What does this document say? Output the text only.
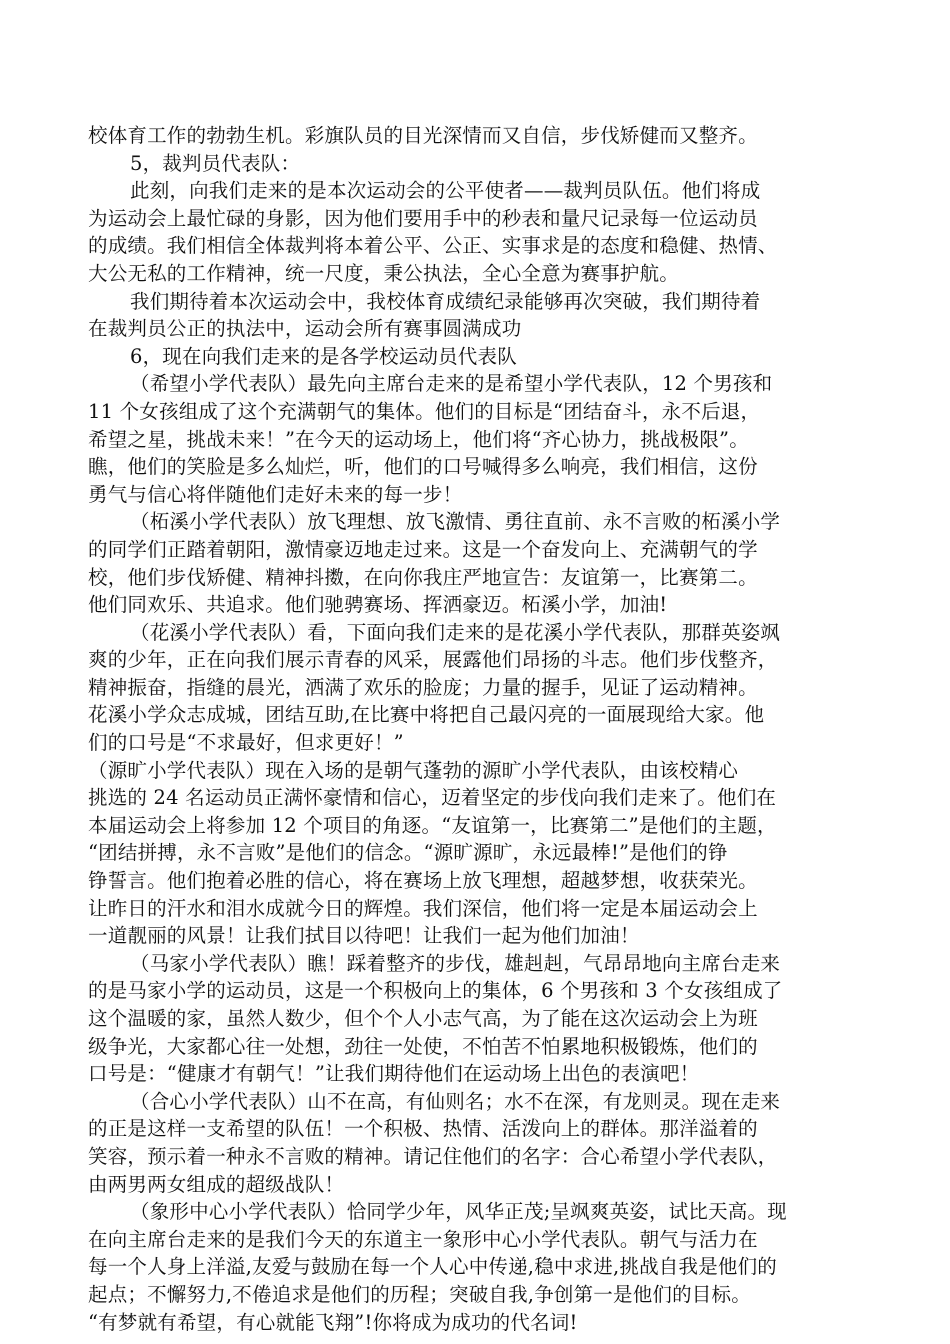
校体育工作的勃勃生机。彩旗队员的目光深情而又自信，步伐矫健而又整齐。
5，裁判员代表队：
此刻，向我们走来的是本次运动会的公平使者——裁判员队伍。他们将成
为运动会上最忙碌的身影，因为他们要用手中的秒表和量尺记录每一位运动员
的成绩。我们相信全体裁判将本着公平、公正、实事求是的态度和稳健、热情、
大公无私的工作精神，统一尺度，秉公执法，全心全意为赛事护航。
我们期待着本次运动会中，我校体育成绩纪录能够再次突破，我们期待着
在裁判员公正的执法中，运动会所有赛事圆满成功
6，现在向我们走来的是各学校运动员代表队
（希望小学代表队）最先向主席台走来的是希望小学代表队，12 个男孩和
11 个女孩组成了这个充满朝气的集体。他们的目标是“团结奋斗，永不后退，
希望之星，挑战未来！”在今天的运动场上，他们将“齐心协力，挑战极限”。
瞧，他们的笑脸是多么灿烂，听，他们的口号喊得多么响亮，我们相信，这份
勇气与信心将伴随他们走好未来的每一步！
（柘溪小学代表队）放飞理想、放飞激情、勇往直前、永不言败的柘溪小学
的同学们正踏着朝阳，激情豪迈地走过来。这是一个奋发向上、充满朝气的学
校，他们步伐矫健、精神抖擞，在向你我庄严地宣告：友谊第一，比赛第二。
他们同欢乐、共追求。他们驰骋赛场、挥洒豪迈。柘溪小学，加油!
（花溪小学代表队）看，下面向我们走来的是花溪小学代表队，那群英姿飒
爽的少年，正在向我们展示青春的风采，展露他们昂扬的斗志。他们步伐整齐，
精神振奋，指缝的晨光，洒满了欢乐的脸庞；力量的握手，见证了运动精神。
花溪小学众志成城，团结互助,在比赛中将把自己最闪亮的一面展现给大家。他
们的口号是“不求最好，但求更好！”
（源旷小学代表队）现在入场的是朝气蓬勃的源旷小学代表队，由该校精心
挑选的 24 名运动员正满怀豪情和信心，迈着坚定的步伐向我们走来了。他们在
本届运动会上将参加 12 个项目的角逐。“友谊第一，比赛第二”是他们的主题，
“团结拼搏，永不言败”是他们的信念。“源旷源旷，永远最棒!”是他们的铮
铮誓言。他们抱着必胜的信心，将在赛场上放飞理想，超越梦想，收获荣光。
让昨日的汗水和泪水成就今日的辉煌。我们深信，他们将一定是本届运动会上
一道靓丽的风景！让我们拭目以待吧！让我们一起为他们加油！
（马家小学代表队）瞧！踩着整齐的步伐，雄赳赳，气昂昂地向主席台走来
的是马家小学的运动员，这是一个积极向上的集体，6 个男孩和 3 个女孩组成了
这个温暖的家，虽然人数少，但个个人小志气高，为了能在这次运动会上为班
级争光，大家都心往一处想，劲往一处使，不怕苦不怕累地积极锻炼，他们的
口号是：“健康才有朝气！”让我们期待他们在运动场上出色的表演吧！
（合心小学代表队）山不在高，有仙则名；水不在深，有龙则灵。现在走来
的正是这样一支希望的队伍！一个积极、热情、活泼向上的群体。那洋溢着的
笑容，预示着一种永不言败的精神。请记住他们的名字：合心希望小学代表队，
由两男两女组成的超级战队！
（象形中心小学代表队）恰同学少年，风华正茂;呈飒爽英姿，试比天高。现
在向主席台走来的是我们今天的东道主一象形中心小学代表队。朝气与活力在
每一个人身上洋溢,友爱与鼓励在每一个人心中传递,稳中求进,挑战自我是他们的
起点；不懈努力,不倦追求是他们的历程；突破自我,争创第一是他们的目标。
“有梦就有希望，有心就能飞翔”!你将成为成功的代名词!
